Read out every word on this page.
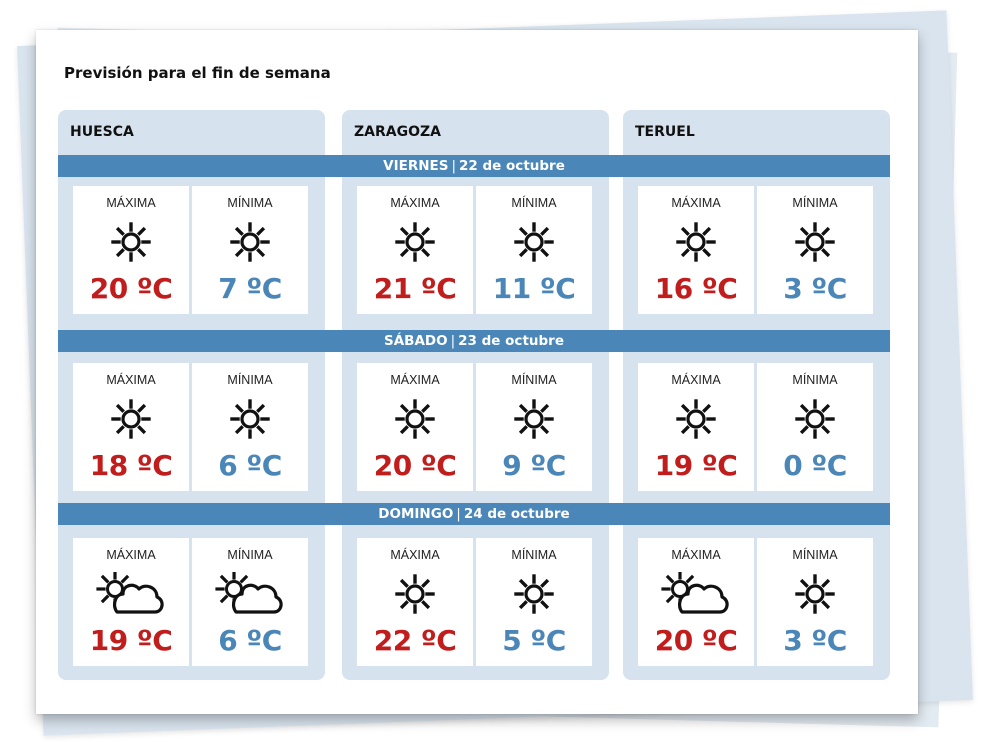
Previsión para el fin de semana
HUESCA	ZARAGOZA	TERUEL
VIERNES | 22 de octubre
MÁXIMA
20 ºC
MÍNIMA
7 ºC
MÁXIMA
21 ºC
MÍNIMA
11 ºC
MÁXIMA
16 ºC
MÍNIMA
3 ºC
SÁBADO | 23 de octubre
MÁXIMA
18 ºC
MÍNIMA
6 ºC
MÁXIMA
20 ºC
MÍNIMA
9 ºC
MÁXIMA
19 ºC
MÍNIMA
0 ºC
DOMINGO | 24 de octubre
MÁXIMA
19 ºC
MÍNIMA
6 ºC
MÁXIMA
22 ºC
MÍNIMA
5 ºC
MÁXIMA
20 ºC
MÍNIMA
3 ºC
